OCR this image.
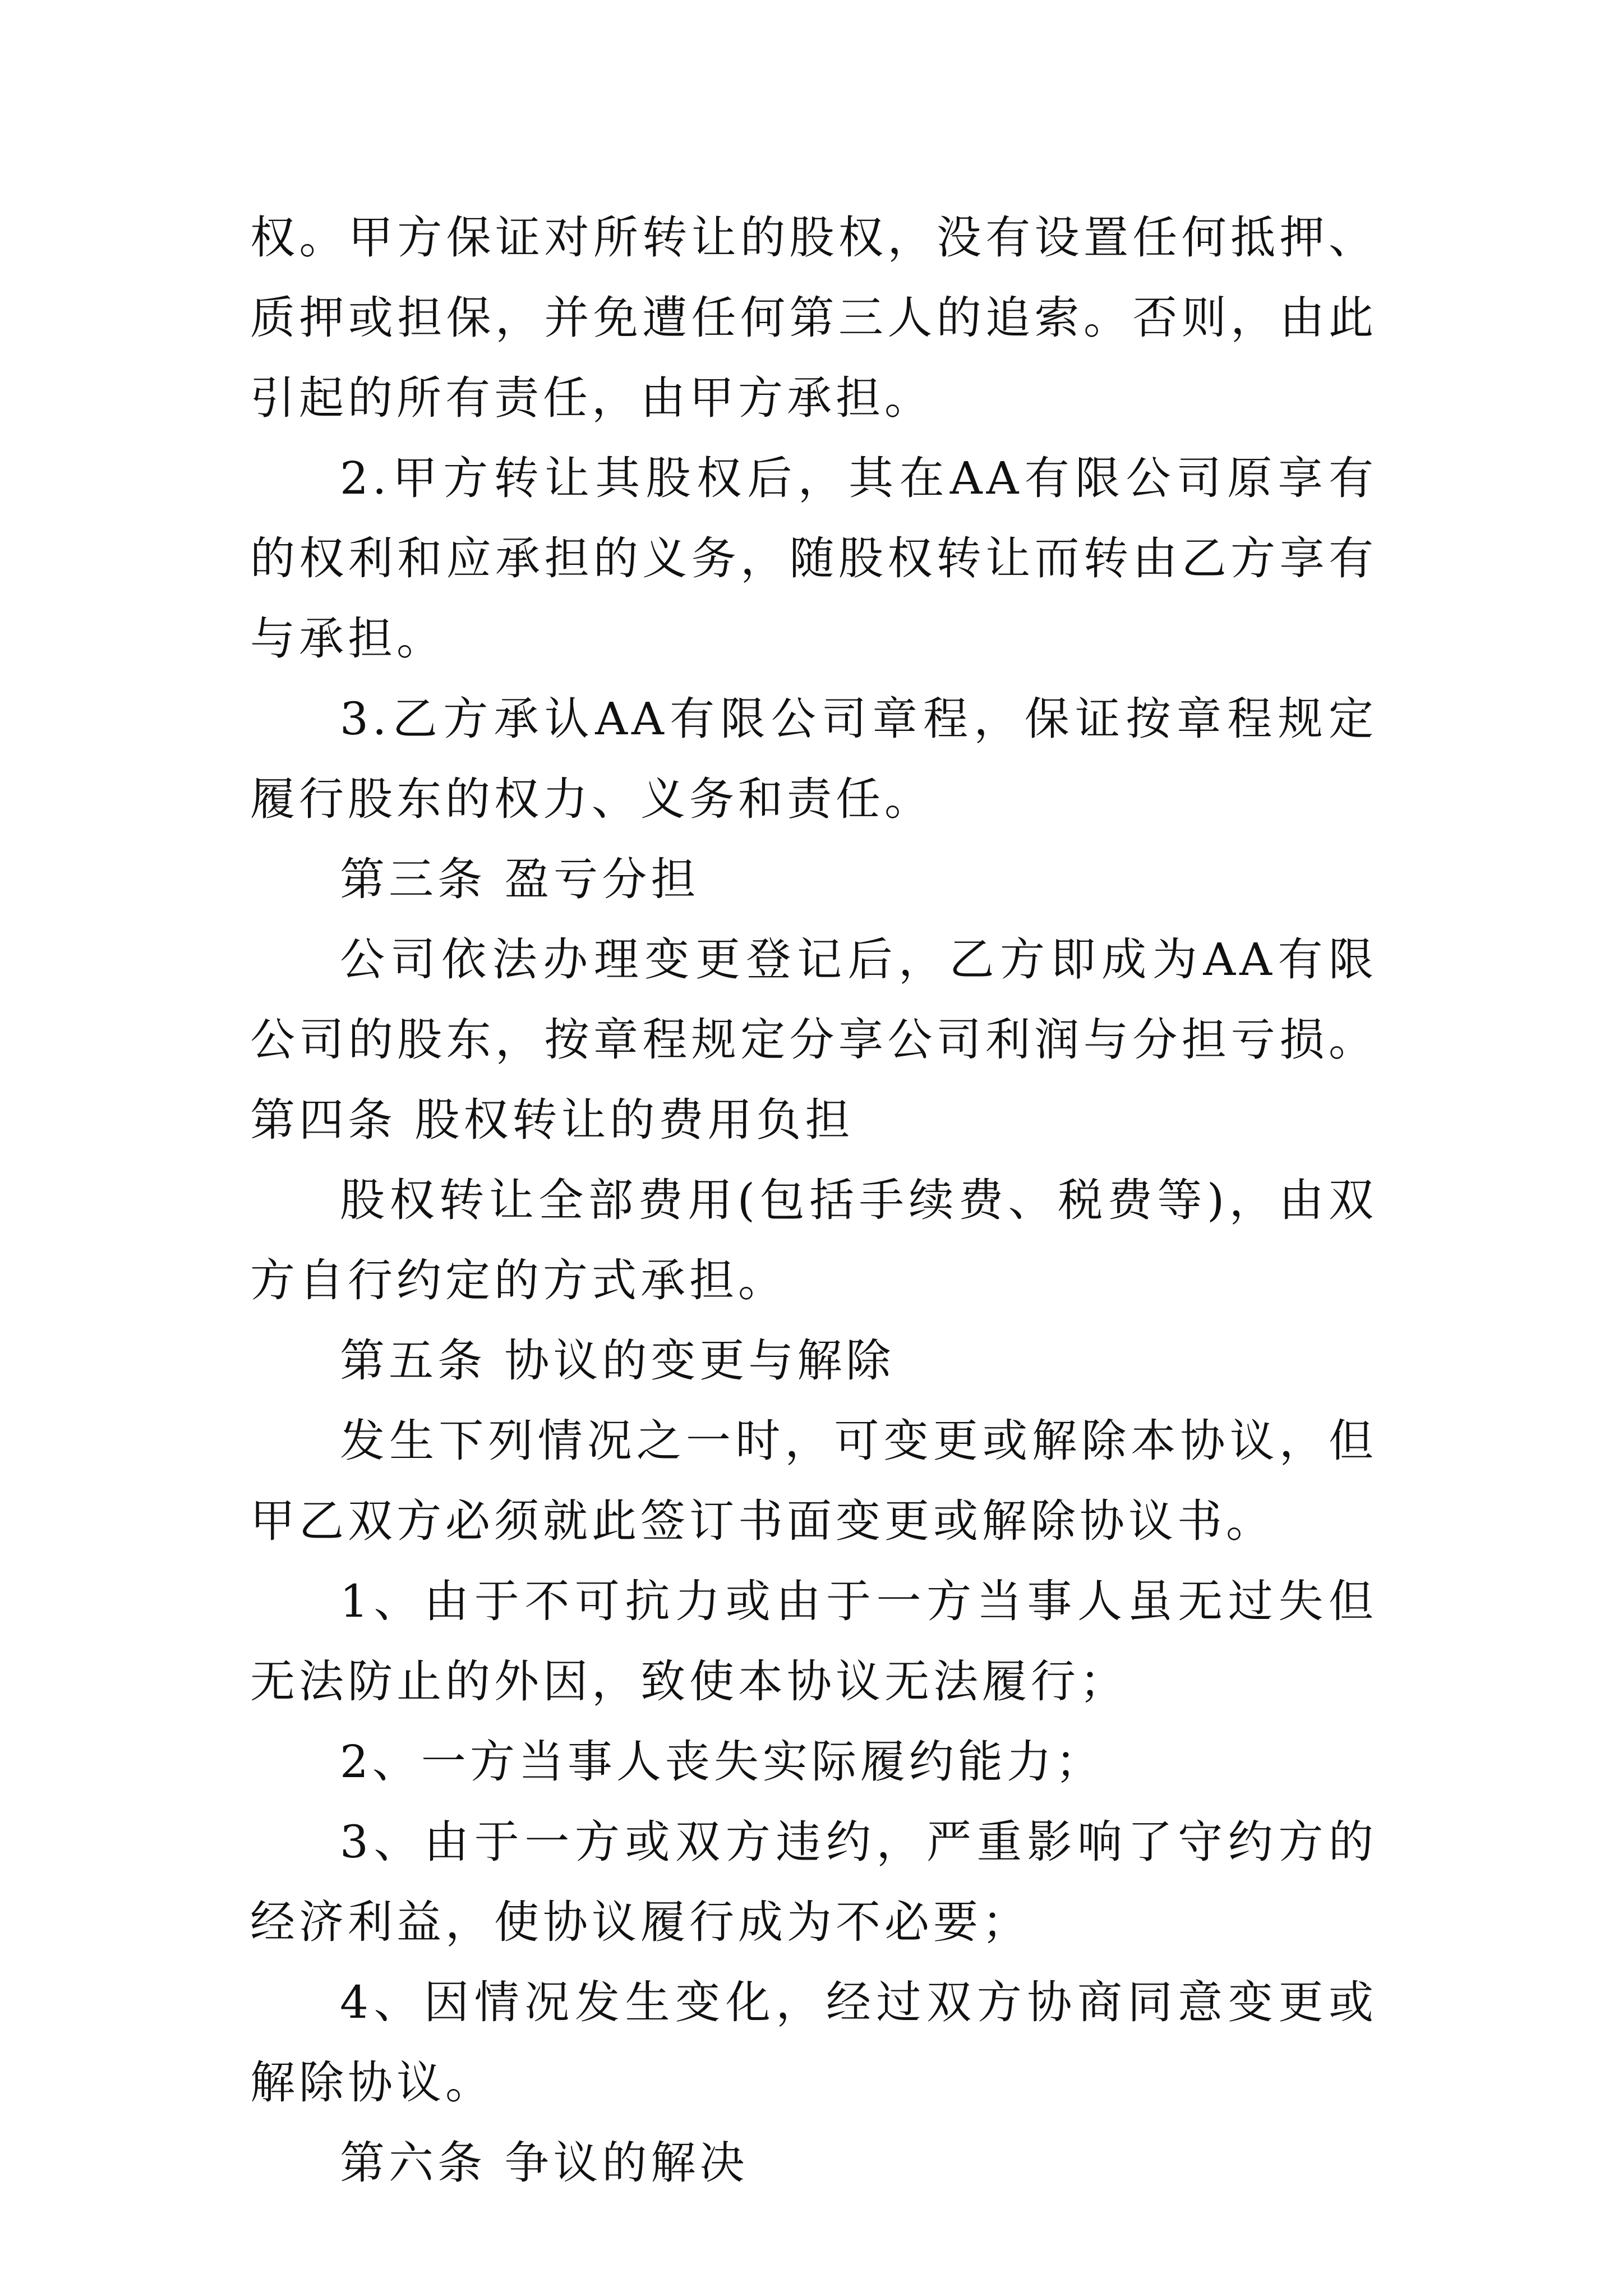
权。甲方保证对所转让的股权，没有设置任何抵押、质押或担保，并免遭任何第三人的追索。否则，由此引起的所有责任，由甲方承担。

2.甲方转让其股权后，其在AA有限公司原享有的权利和应承担的义务，随股权转让而转由乙方享有与承担。

3.乙方承认AA有限公司章程，保证按章程规定履行股东的权力、义务和责任。

第三条 盈亏分担

公司依法办理变更登记后，乙方即成为AA有限公司的股东，按章程规定分享公司利润与分担亏损。 第四条 股权转让的费用负担

股权转让全部费用(包括手续费、税费等)，由双方自行约定的方式承担。

第五条 协议的变更与解除

发生下列情况之一时，可变更或解除本协议，但甲乙双方必须就此签订书面变更或解除协议书。

1、由于不可抗力或由于一方当事人虽无过失但无法防止的外因，致使本协议无法履行；

2、一方当事人丧失实际履约能力；

3、由于一方或双方违约，严重影响了守约方的经济利益，使协议履行成为不必要；

4、因情况发生变化，经过双方协商同意变更或解除协议。

第六条 争议的解决
